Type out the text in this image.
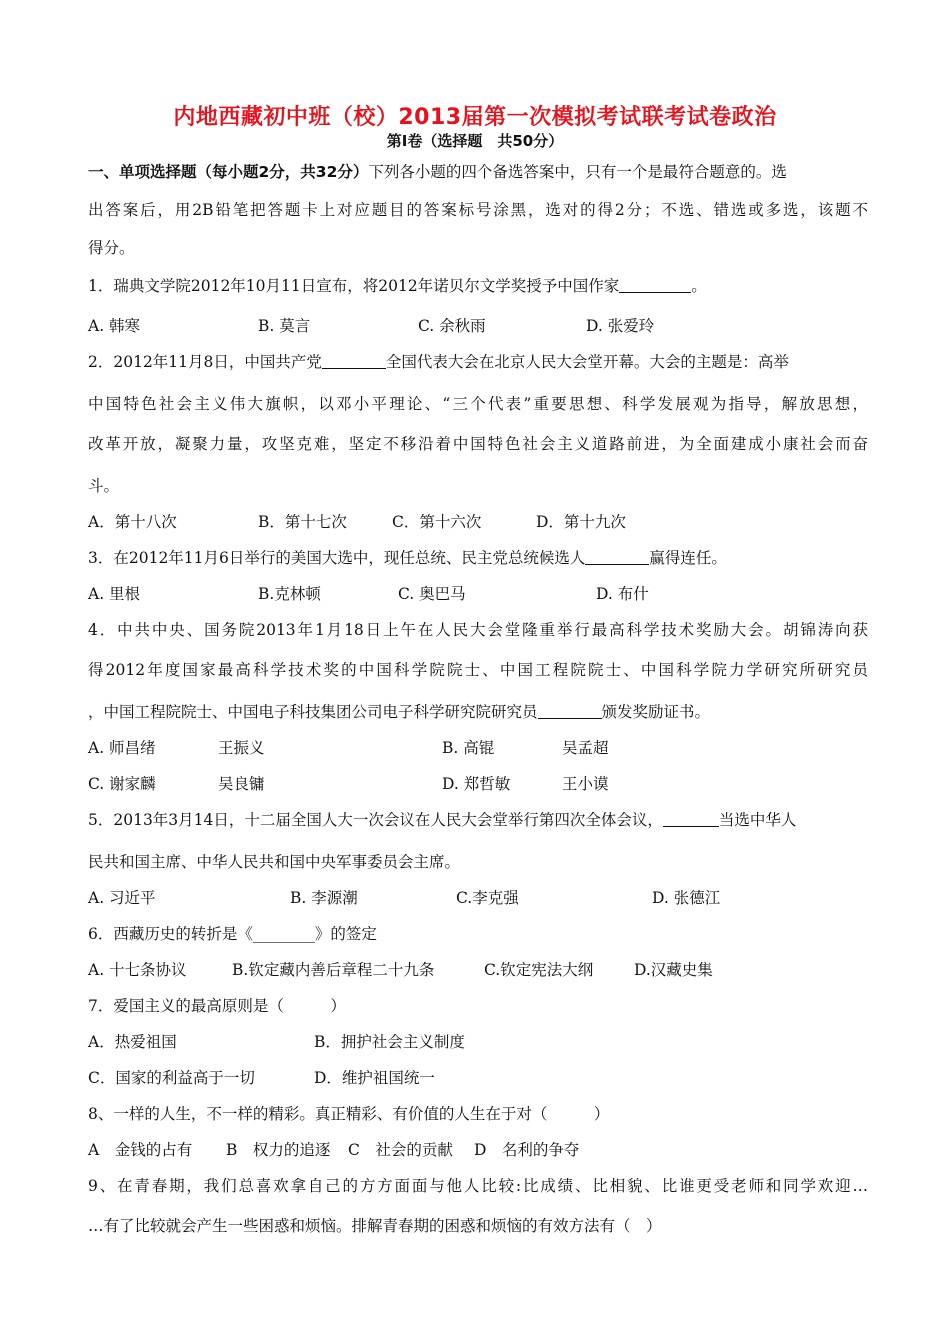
内地西藏初中班（校）2013届第一次模拟考试联考试卷政治
第Ⅰ卷（选择题　共50分）
一、单项选择题（每小题2分，共32分）下列各小题的四个备选答案中，只有一个是最符合题意的。选
出答案后，用2B铅笔把答题卡上对应题目的答案标号涂黑，选对的得2分；不选、错选或多选，该题不
得分。
1．瑞典文学院2012年10月11日宣布，将2012年诺贝尔文学奖授予中国作家	。
A. 韩寒	B. 莫言	C. 余秋雨	D. 张爱玲
2．2012年11月8日，中国共产党	全国代表大会在北京人民大会堂开幕。大会的主题是：高举
中国特色社会主义伟大旗帜，以邓小平理论、“三个代表”重要思想、科学发展观为指导，解放思想，
改革开放，凝聚力量，攻坚克难，坚定不移沿着中国特色社会主义道路前进，为全面建成小康社会而奋
斗。
A．第十八次	B．第十七次	C．第十六次	D．第十九次
3．在2012年11月6日举行的美国大选中，现任总统、民主党总统候选人	赢得连任。
A. 里根	B.克林顿	C. 奥巴马	D. 布什
4．中共中央、国务院2013年1月18日上午在人民大会堂隆重举行最高科学技术奖励大会。胡锦涛向获
得2012年度国家最高科学技术奖的中国科学院院士、中国工程院院士、中国科学院力学研究所研究员
，中国工程院院士、中国电子科技集团公司电子科学研究院研究员	颁发奖励证书。
A. 师昌绪	王振义	B. 高锟	吴孟超
C. 谢家麟	吴良镛	D. 郑哲敏	王小谟
5．2013年3月14日，十二届全国人大一次会议在人民大会堂举行第四次全体会议，	当选中华人
民共和国主席、中华人民共和国中央军事委员会主席。
A. 习近平	B. 李源潮	C.李克强	D. 张德江
6．西藏历史的转折是《________》的签定
A. 十七条协议	B.钦定藏内善后章程二十九条	C.钦定宪法大纲	D.汉藏史集
7．爱国主义的最高原则是（　　　）
A．热爱祖国	B．拥护社会主义制度
C．国家的利益高于一切	D．维护祖国统一
8、一样的人生，不一样的精彩。真正精彩、有价值的人生在于对（　　　）
A　金钱的占有 B　权力的追逐 C　社会的贡献 D　名利的争夺
9、在青春期，我们总喜欢拿自己的方方面面与他人比较:比成绩、比相貌、比谁更受老师和同学欢迎…
…有了比较就会产生一些困惑和烦恼。排解青春期的困惑和烦恼的有效方法有（　）
